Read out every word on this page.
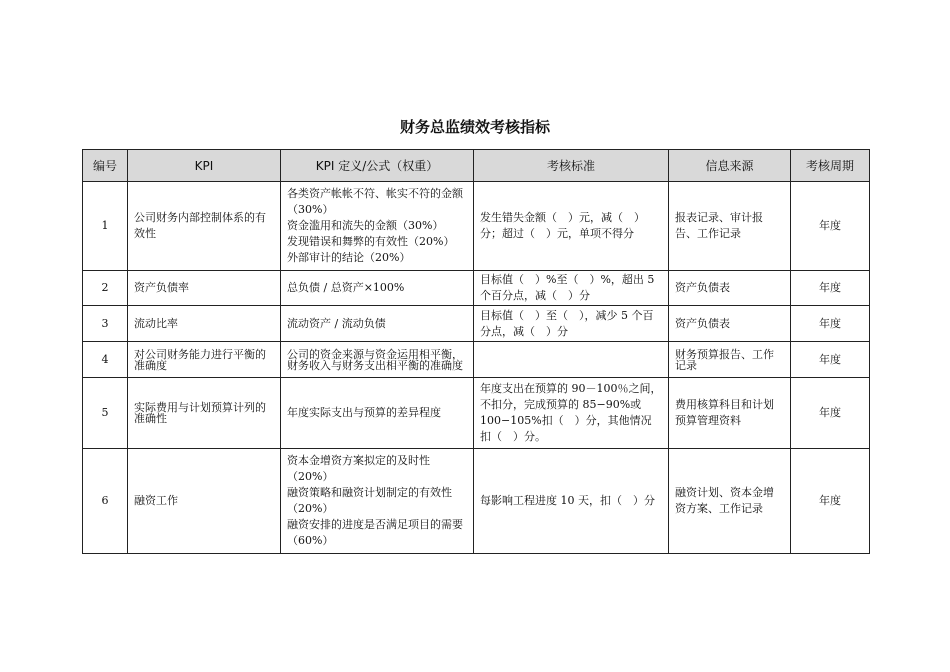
财务总监绩效考核指标
编号	KPI	KPI 定义/公式（权重）	考核标准	信息来源	考核周期
1	公司财务内部控制体系的有效性	各类资产帐帐不符、帐实不符的金额（30%）
资金滥用和流失的金额（30%）
发现错误和舞弊的有效性（20%）
外部审计的结论（20%）	发生错失金额（　）元，减（　）分；超过（　）元，单项不得分	报表记录、审计报告、工作记录	年度
2	资产负债率	总负债 / 总资产×100%	目标值（　）%至（　）%，超出 5 个百分点，减（　）分	资产负债表	年度
3	流动比率	流动资产 / 流动负债	目标值（　）至（　），减少 5 个百分点，减（　）分	资产负债表	年度
4	对公司财务能力进行平衡的准确度	公司的资金来源与资金运用相平衡，财务收入与财务支出相平衡的准确度		财务预算报告、工作记录	年度
5	实际费用与计划预算计列的准确性	年度实际支出与预算的差异程度	年度支出在预算的 90－100％之间，不扣分，完成预算的 85−90%或 100−105%扣（　）分，其他情况扣（　）分。	费用核算科目和计划预算管理资料	年度
6	融资工作	资本金增资方案拟定的及时性（20%）
融资策略和融资计划制定的有效性（20%）
融资安排的进度是否满足项目的需要（60%）	每影响工程进度 10 天，扣（　）分	融资计划、资本金增资方案、工作记录	年度
